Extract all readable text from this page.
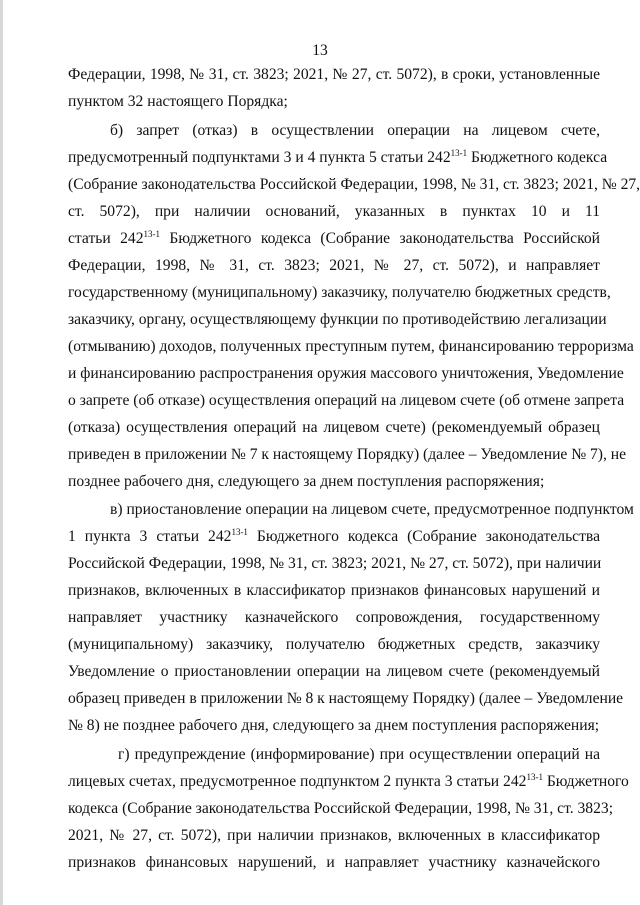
13
Федерации, 1998, № 31, ст. 3823; 2021, № 27, ст. 5072), в сроки, установленные
пунктом 32 настоящего Порядка;
б) запрет (отказ) в осуществлении операции на лицевом счете,
предусмотренный подпунктами 3 и 4 пункта 5 статьи 242$^{13-1}$ Бюджетного кодекса
(Собрание законодательства Российской Федерации, 1998, № 31, ст. 3823; 2021, № 27,
ст. 5072), при наличии оснований, указанных в пунктах 10 и 11
статьи 242$^{13-1}$ Бюджетного кодекса (Собрание законодательства Российской
Федерации, 1998, № 31, ст. 3823; 2021, № 27, ст. 5072), и направляет
государственному (муниципальному) заказчику, получателю бюджетных средств,
заказчику, органу, осуществляющему функции по противодействию легализации
(отмыванию) доходов, полученных преступным путем, финансированию терроризма
и финансированию распространения оружия массового уничтожения, Уведомление
о запрете (об отказе) осуществления операций на лицевом счете (об отмене запрета
(отказа) осуществления операций на лицевом счете) (рекомендуемый образец
приведен в приложении № 7 к настоящему Порядку) (далее – Уведомление № 7), не
позднее рабочего дня, следующего за днем поступления распоряжения;
в) приостановление операции на лицевом счете, предусмотренное подпунктом
1 пункта 3 статьи 242$^{13-1}$ Бюджетного кодекса (Собрание законодательства
Российской Федерации, 1998, № 31, ст. 3823; 2021, № 27, ст. 5072), при наличии
признаков, включенных в классификатор признаков финансовых нарушений и
направляет участнику казначейского сопровождения, государственному
(муниципальному) заказчику, получателю бюджетных средств, заказчику
Уведомление о приостановлении операции на лицевом счете (рекомендуемый
образец приведен в приложении № 8 к настоящему Порядку) (далее – Уведомление
№ 8) не позднее рабочего дня, следующего за днем поступления распоряжения;
г) предупреждение (информирование) при осуществлении операций на
лицевых счетах, предусмотренное подпунктом 2 пункта 3 статьи 242$^{13-1}$ Бюджетного
кодекса (Собрание законодательства Российской Федерации, 1998, № 31, ст. 3823;
2021, № 27, ст. 5072), при наличии признаков, включенных в классификатор
признаков финансовых нарушений, и направляет участнику казначейского
